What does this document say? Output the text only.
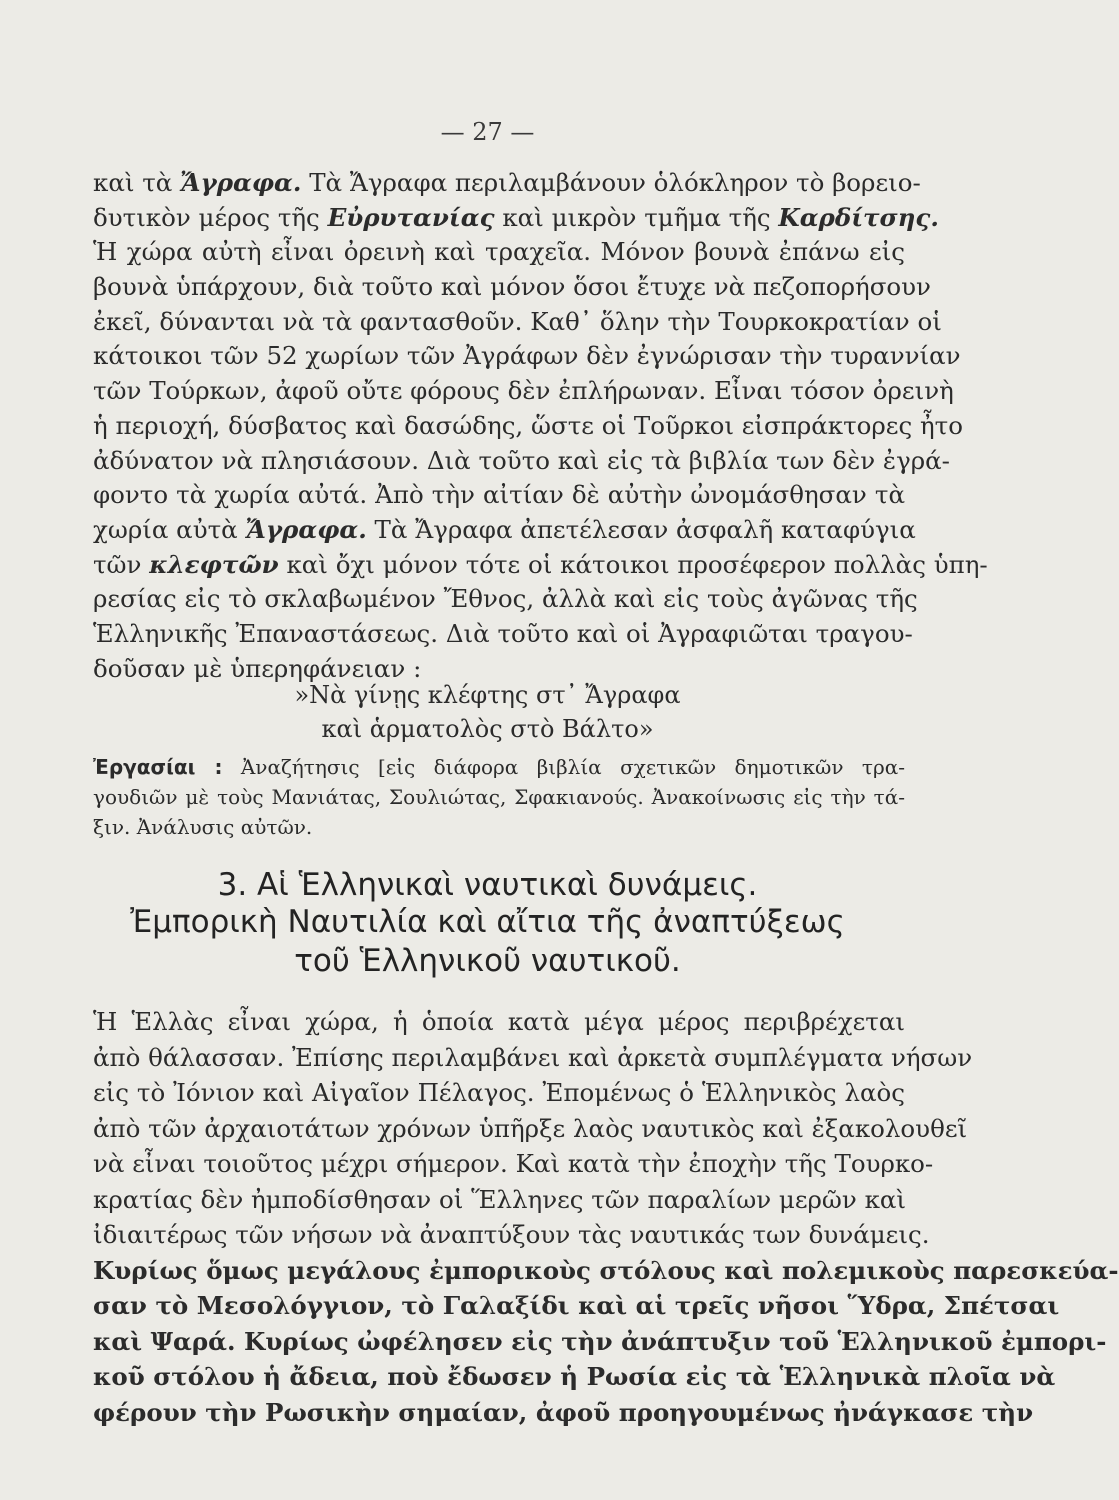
— 27 —
καὶ τὰ Ἄγραφα. Τὰ Ἄγραφα περιλαμβάνουν ὁλόκληρον τὸ βορειο-
δυτικὸν μέρος τῆς Εὐρυτανίας καὶ μικρὸν τμῆμα τῆς Καρδίτσης.
Ἡ χώρα αὐτὴ εἶναι ὀρεινὴ καὶ τραχεῖα. Μόνον βουνὰ ἐπάνω εἰς
βουνὰ ὑπάρχουν, διὰ τοῦτο καὶ μόνον ὅσοι ἔτυχε νὰ πεζοπορήσουν
ἐκεῖ, δύνανται νὰ τὰ φαντασθοῦν. Καθ᾿ ὅλην τὴν Τουρκοκρατίαν οἱ
κάτοικοι τῶν 52 χωρίων τῶν Ἀγράφων δὲν ἐγνώρισαν τὴν τυραννίαν
τῶν Τούρκων, ἀφοῦ οὔτε φόρους δὲν ἐπλήρωναν. Εἶναι τόσον ὀρεινὴ
ἡ περιοχή, δύσβατος καὶ δασώδης, ὥστε οἱ Τοῦρκοι εἰσπράκτορες ἦτο
ἀδύνατον νὰ πλησιάσουν. Διὰ τοῦτο καὶ εἰς τὰ βιβλία των δὲν ἐγρά-
φοντο τὰ χωρία αὐτά. Ἀπὸ τὴν αἰτίαν δὲ αὐτὴν ὠνομάσθησαν τὰ
χωρία αὐτὰ Ἄγραφα. Τὰ Ἄγραφα ἀπετέλεσαν ἀσφαλῆ καταφύγια
τῶν κλεφτῶν καὶ ὄχι μόνον τότε οἱ κάτοικοι προσέφερον πολλὰς ὑπη-
ρεσίας εἰς τὸ σκλαβωμένον Ἔθνος, ἀλλὰ καὶ εἰς τοὺς ἀγῶνας τῆς
Ἑλληνικῆς Ἐπαναστάσεως. Διὰ τοῦτο καὶ οἱ Ἀγραφιῶται τραγου-
δοῦσαν μὲ ὑπερηφάνειαν :
»Νὰ γίνῃς κλέφτης στ᾿ Ἄγραφα
καὶ ἁρματολὸς στὸ Βάλτο»
Ἐργασίαι : Ἀναζήτησις [εἰς διάφορα βιβλία σχετικῶν δημοτικῶν τρα-
γουδιῶν μὲ τοὺς Μανιάτας, Σουλιώτας, Σφακιανούς. Ἀνακοίνωσις εἰς τὴν τά-
ξιν. Ἀνάλυσις αὐτῶν.
3. Αἱ Ἑλληνικαὶ ναυτικαὶ δυνάμεις.
Ἐμπορικὴ Ναυτιλία καὶ αἴτια τῆς ἀναπτύξεως
τοῦ Ἑλληνικοῦ ναυτικοῦ.
Ἡ Ἑλλὰς εἶναι χώρα, ἡ ὁποία κατὰ μέγα μέρος περιβρέχεται
ἀπὸ θάλασσαν. Ἐπίσης περιλαμβάνει καὶ ἀρκετὰ συμπλέγματα νήσων
εἰς τὸ Ἰόνιον καὶ Αἰγαῖον Πέλαγος. Ἐπομένως ὁ Ἑλληνικὸς λαὸς
ἀπὸ τῶν ἀρχαιοτάτων χρόνων ὑπῆρξε λαὸς ναυτικὸς καὶ ἐξακολουθεῖ
νὰ εἶναι τοιοῦτος μέχρι σήμερον. Καὶ κατὰ τὴν ἐποχὴν τῆς Τουρκο-
κρατίας δὲν ἠμποδίσθησαν οἱ Ἕλληνες τῶν παραλίων μερῶν καὶ
ἰδιαιτέρως τῶν νήσων νὰ ἀναπτύξουν τὰς ναυτικάς των δυνάμεις.
Κυρίως ὅμως μεγάλους ἐμπορικοὺς στόλους καὶ πολεμικοὺς παρεσκεύα-
σαν τὸ Μεσολόγγιον, τὸ Γαλαξίδι καὶ αἱ τρεῖς νῆσοι Ὕδρα, Σπέτσαι
καὶ Ψαρά. Κυρίως ὠφέλησεν εἰς τὴν ἀνάπτυξιν τοῦ Ἑλληνικοῦ ἐμπορι-
κοῦ στόλου ἡ ἄδεια, ποὺ ἔδωσεν ἡ Ρωσία εἰς τὰ Ἑλληνικὰ πλοῖα νὰ
φέρουν τὴν Ρωσικὴν σημαίαν, ἀφοῦ προηγουμένως ἠνάγκασε τὴν
